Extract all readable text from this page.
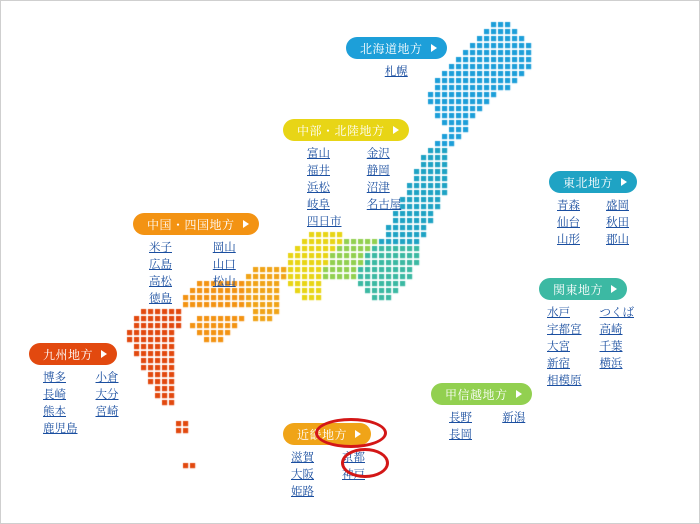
北海道地方
札幌
中部・北陸地方
富山	金沢
福井	静岡
浜松	沼津
岐阜	名古屋
四日市
東北地方
青森	盛岡
仙台	秋田
山形	郡山
中国・四国地方
米子	岡山
広島	山口
高松	松山
徳島
関東地方
水戸	つくば
宇都宮 高崎
大宮	千葉
新宿	横浜
相模原
九州地方
博多	小倉
長崎	大分
熊本	宮崎
鹿児島
甲信越地方
長野	新潟
長岡
近畿地方
滋賀	京都
大阪	神戸
姫路
